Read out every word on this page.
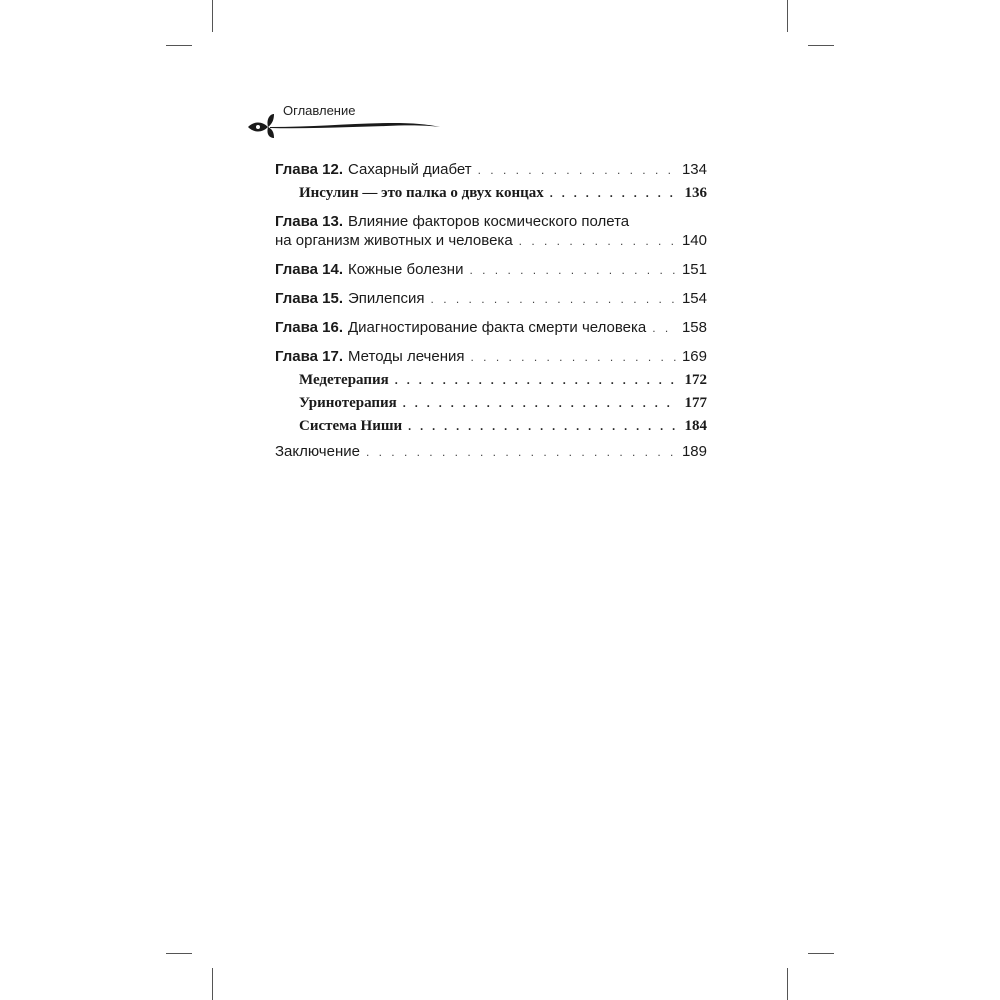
Оглавление
Глава 12. Сахарный диабет . . .	134
Инсулин — это палка о двух концах . . .	136
Глава 13. Влияние факторов космического полета
на организм животных и человека . . .	140
Глава 14. Кожные болезни . . .	151
Глава 15. Эпилепсия . . .	154
Глава 16. Диагностирование факта смерти человека . . . 158
Глава 17. Методы лечения . . .	169
Медетерапия . . .	172
Уринотерапия . . .	177
Система Ниши . . .	184
Заключение . . .	189
